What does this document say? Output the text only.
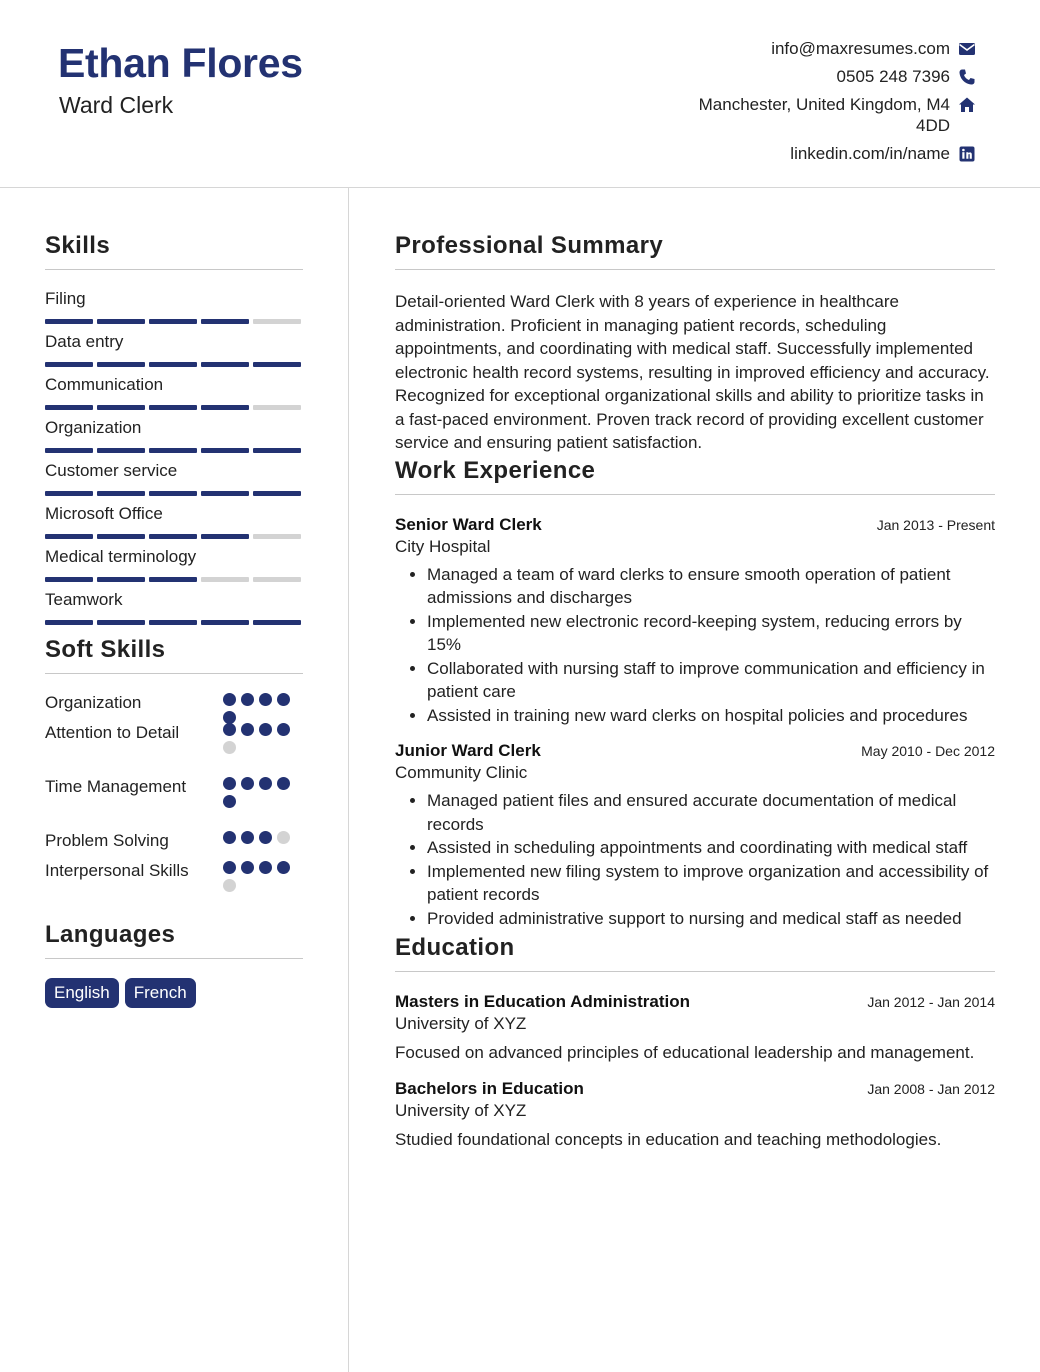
Ethan Flores
Ward Clerk
info@maxresumes.com
0505 248 7396
Manchester, United Kingdom, M4 4DD
linkedin.com/in/name
Skills
Filing
Data entry
Communication
Organization
Customer service
Microsoft Office
Medical terminology
Teamwork
Soft Skills
Organization
Attention to Detail
Time Management
Problem Solving
Interpersonal Skills
Languages
English	French
Professional Summary
Detail-oriented Ward Clerk with 8 years of experience in healthcare administration. Proficient in managing patient records, scheduling appointments, and coordinating with medical staff. Successfully implemented electronic health record systems, resulting in improved efficiency and accuracy. Recognized for exceptional organizational skills and ability to prioritize tasks in a fast-paced environment. Proven track record of providing excellent customer service and ensuring patient satisfaction.
Work Experience
Senior Ward Clerk	Jan 2013 - Present
City Hospital
• Managed a team of ward clerks to ensure smooth operation of patient admissions and discharges
• Implemented new electronic record-keeping system, reducing errors by 15%
• Collaborated with nursing staff to improve communication and efficiency in patient care
• Assisted in training new ward clerks on hospital policies and procedures
Junior Ward Clerk	May 2010 - Dec 2012
Community Clinic
• Managed patient files and ensured accurate documentation of medical records
• Assisted in scheduling appointments and coordinating with medical staff
• Implemented new filing system to improve organization and accessibility of patient records
• Provided administrative support to nursing and medical staff as needed
Education
Masters in Education Administration	Jan 2012 - Jan 2014
University of XYZ
Focused on advanced principles of educational leadership and management.
Bachelors in Education	Jan 2008 - Jan 2012
University of XYZ
Studied foundational concepts in education and teaching methodologies.
